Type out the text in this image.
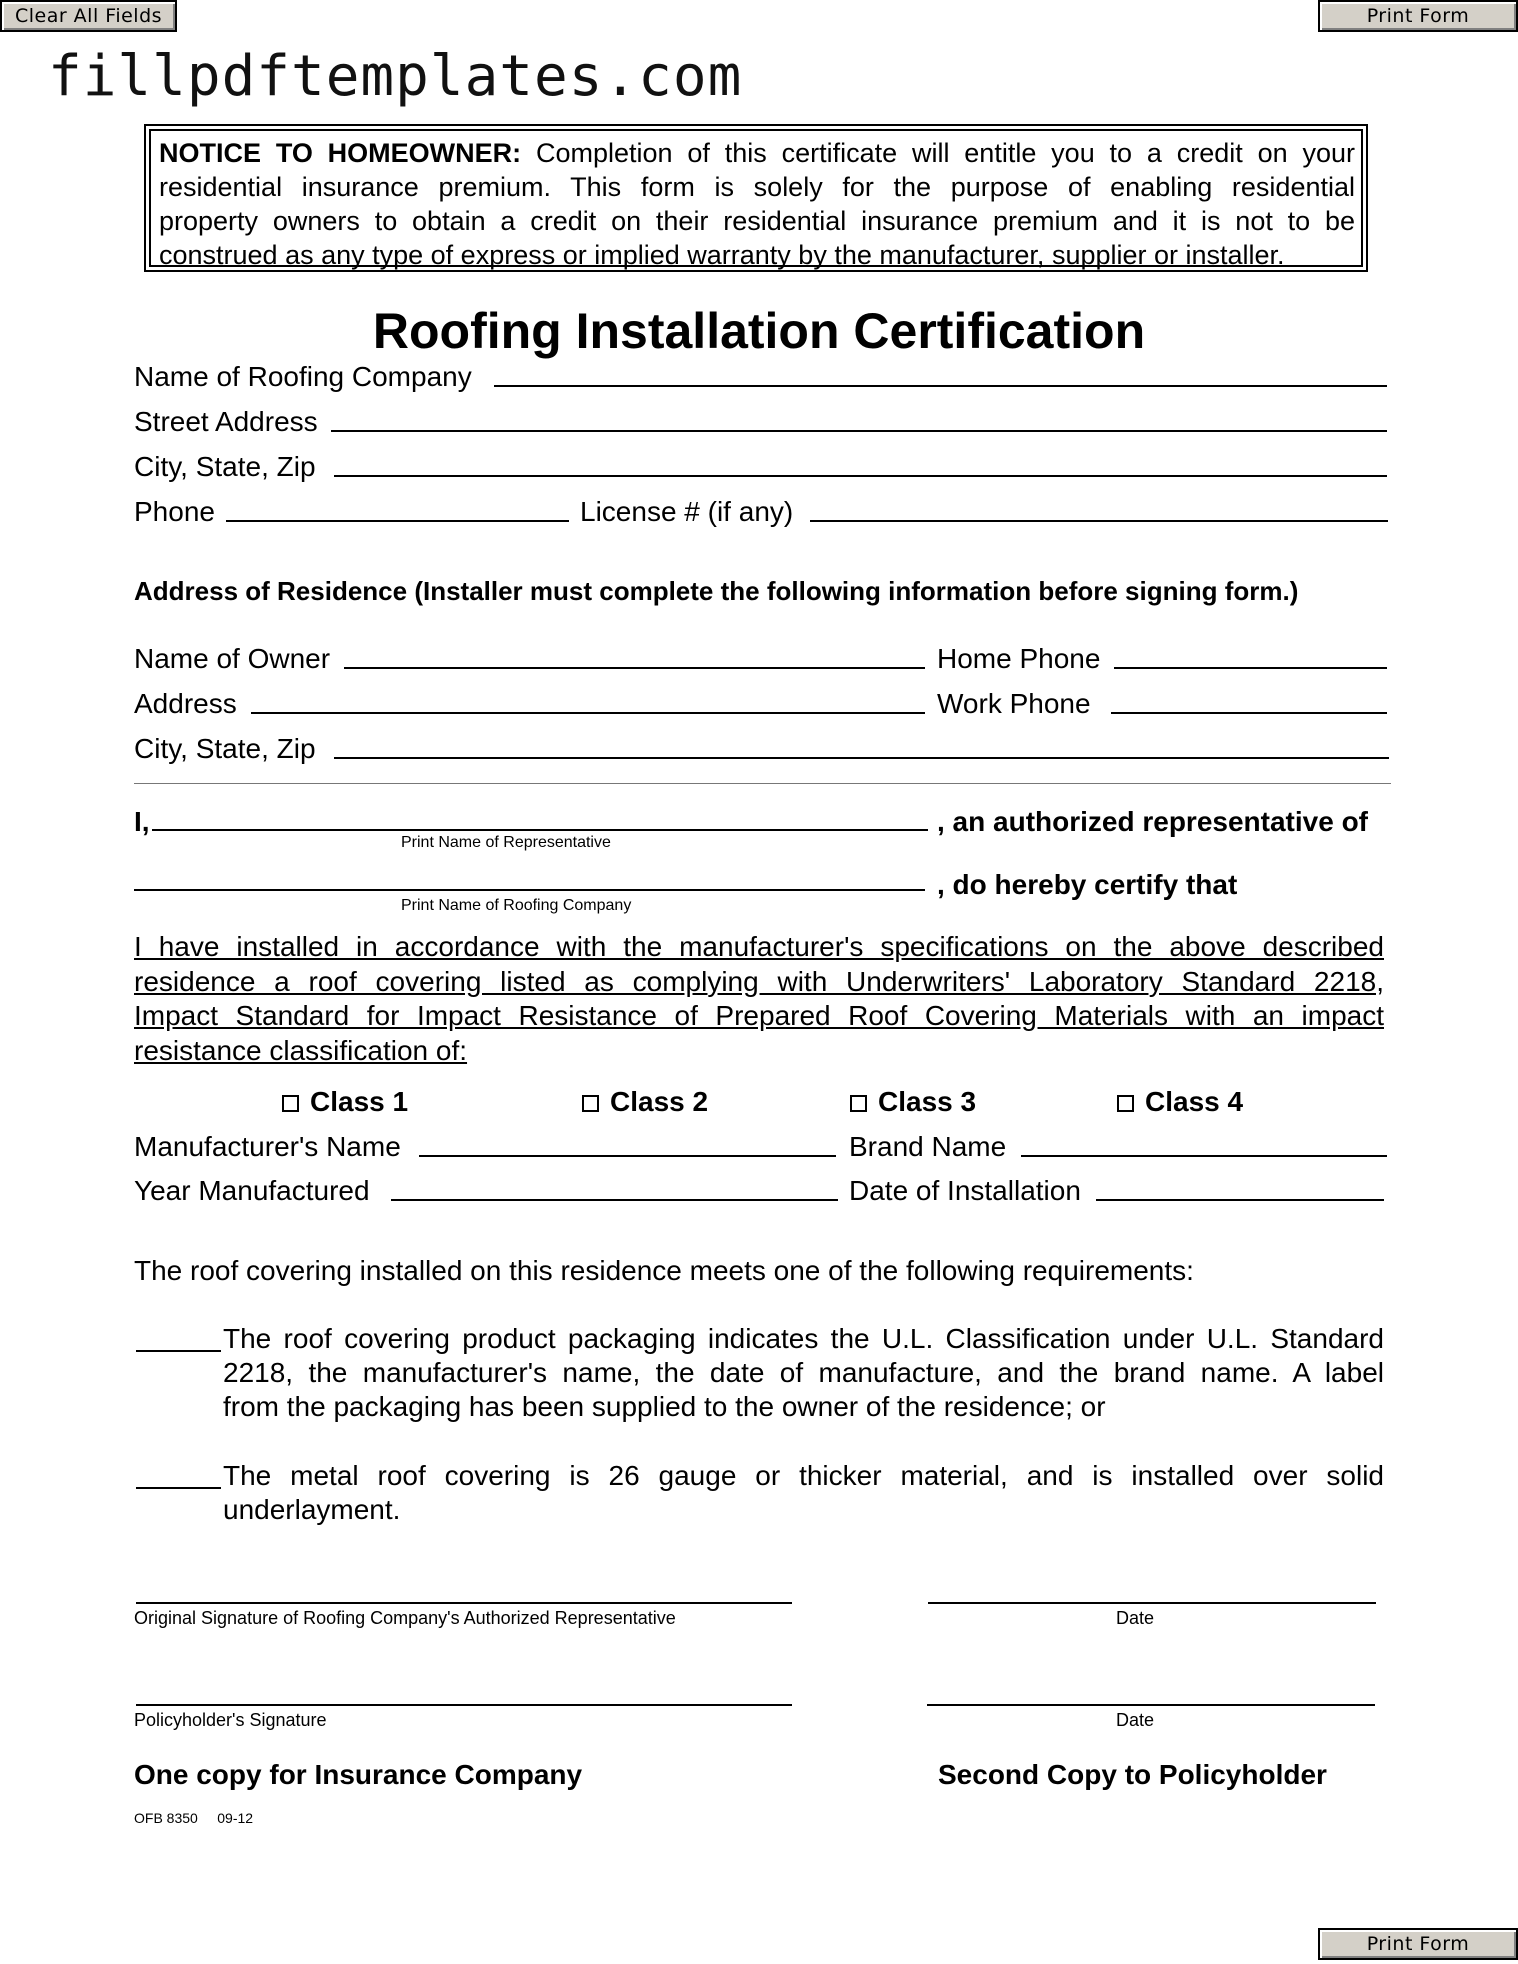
Clear All Fields	Print Form
fillpdftemplates.com
NOTICE TO HOMEOWNER: Completion of this certificate will entitle you to a credit on your
residential insurance premium. This form is solely for the purpose of enabling residential
property owners to obtain a credit on their residential insurance premium and it is not to be
construed as any type of express or implied warranty by the manufacturer, supplier or installer.
Roofing Installation Certification
Name of Roofing Company
Street Address
City, State, Zip
Phone	License # (if any)
Address of Residence (Installer must complete the following information before signing form.)
Name of Owner	Home Phone
Address	Work Phone
City, State, Zip
I,	, an authorized representative of
Print Name of Representative
, do hereby certify that
Print Name of Roofing Company
I have installed in accordance with the manufacturer's specifications on the above described
residence a roof covering listed as complying with Underwriters' Laboratory Standard 2218,
Impact Standard for Impact Resistance of Prepared Roof Covering Materials with an impact
resistance classification of:
Class 1	Class 2	Class 3	Class 4
Manufacturer's Name	Brand Name
Year Manufactured	Date of Installation
The roof covering installed on this residence meets one of the following requirements:
The roof covering product packaging indicates the U.L. Classification under U.L. Standard
2218, the manufacturer's name, the date of manufacture, and the brand name. A label
from the packaging has been supplied to the owner of the residence; or
The metal roof covering is 26 gauge or thicker material, and is installed over solid
underlayment.
Original Signature of Roofing Company's Authorized Representative	Date
Policyholder's Signature	Date
One copy for Insurance Company	Second Copy to Policyholder
OFB 8350     09-12
Print Form
